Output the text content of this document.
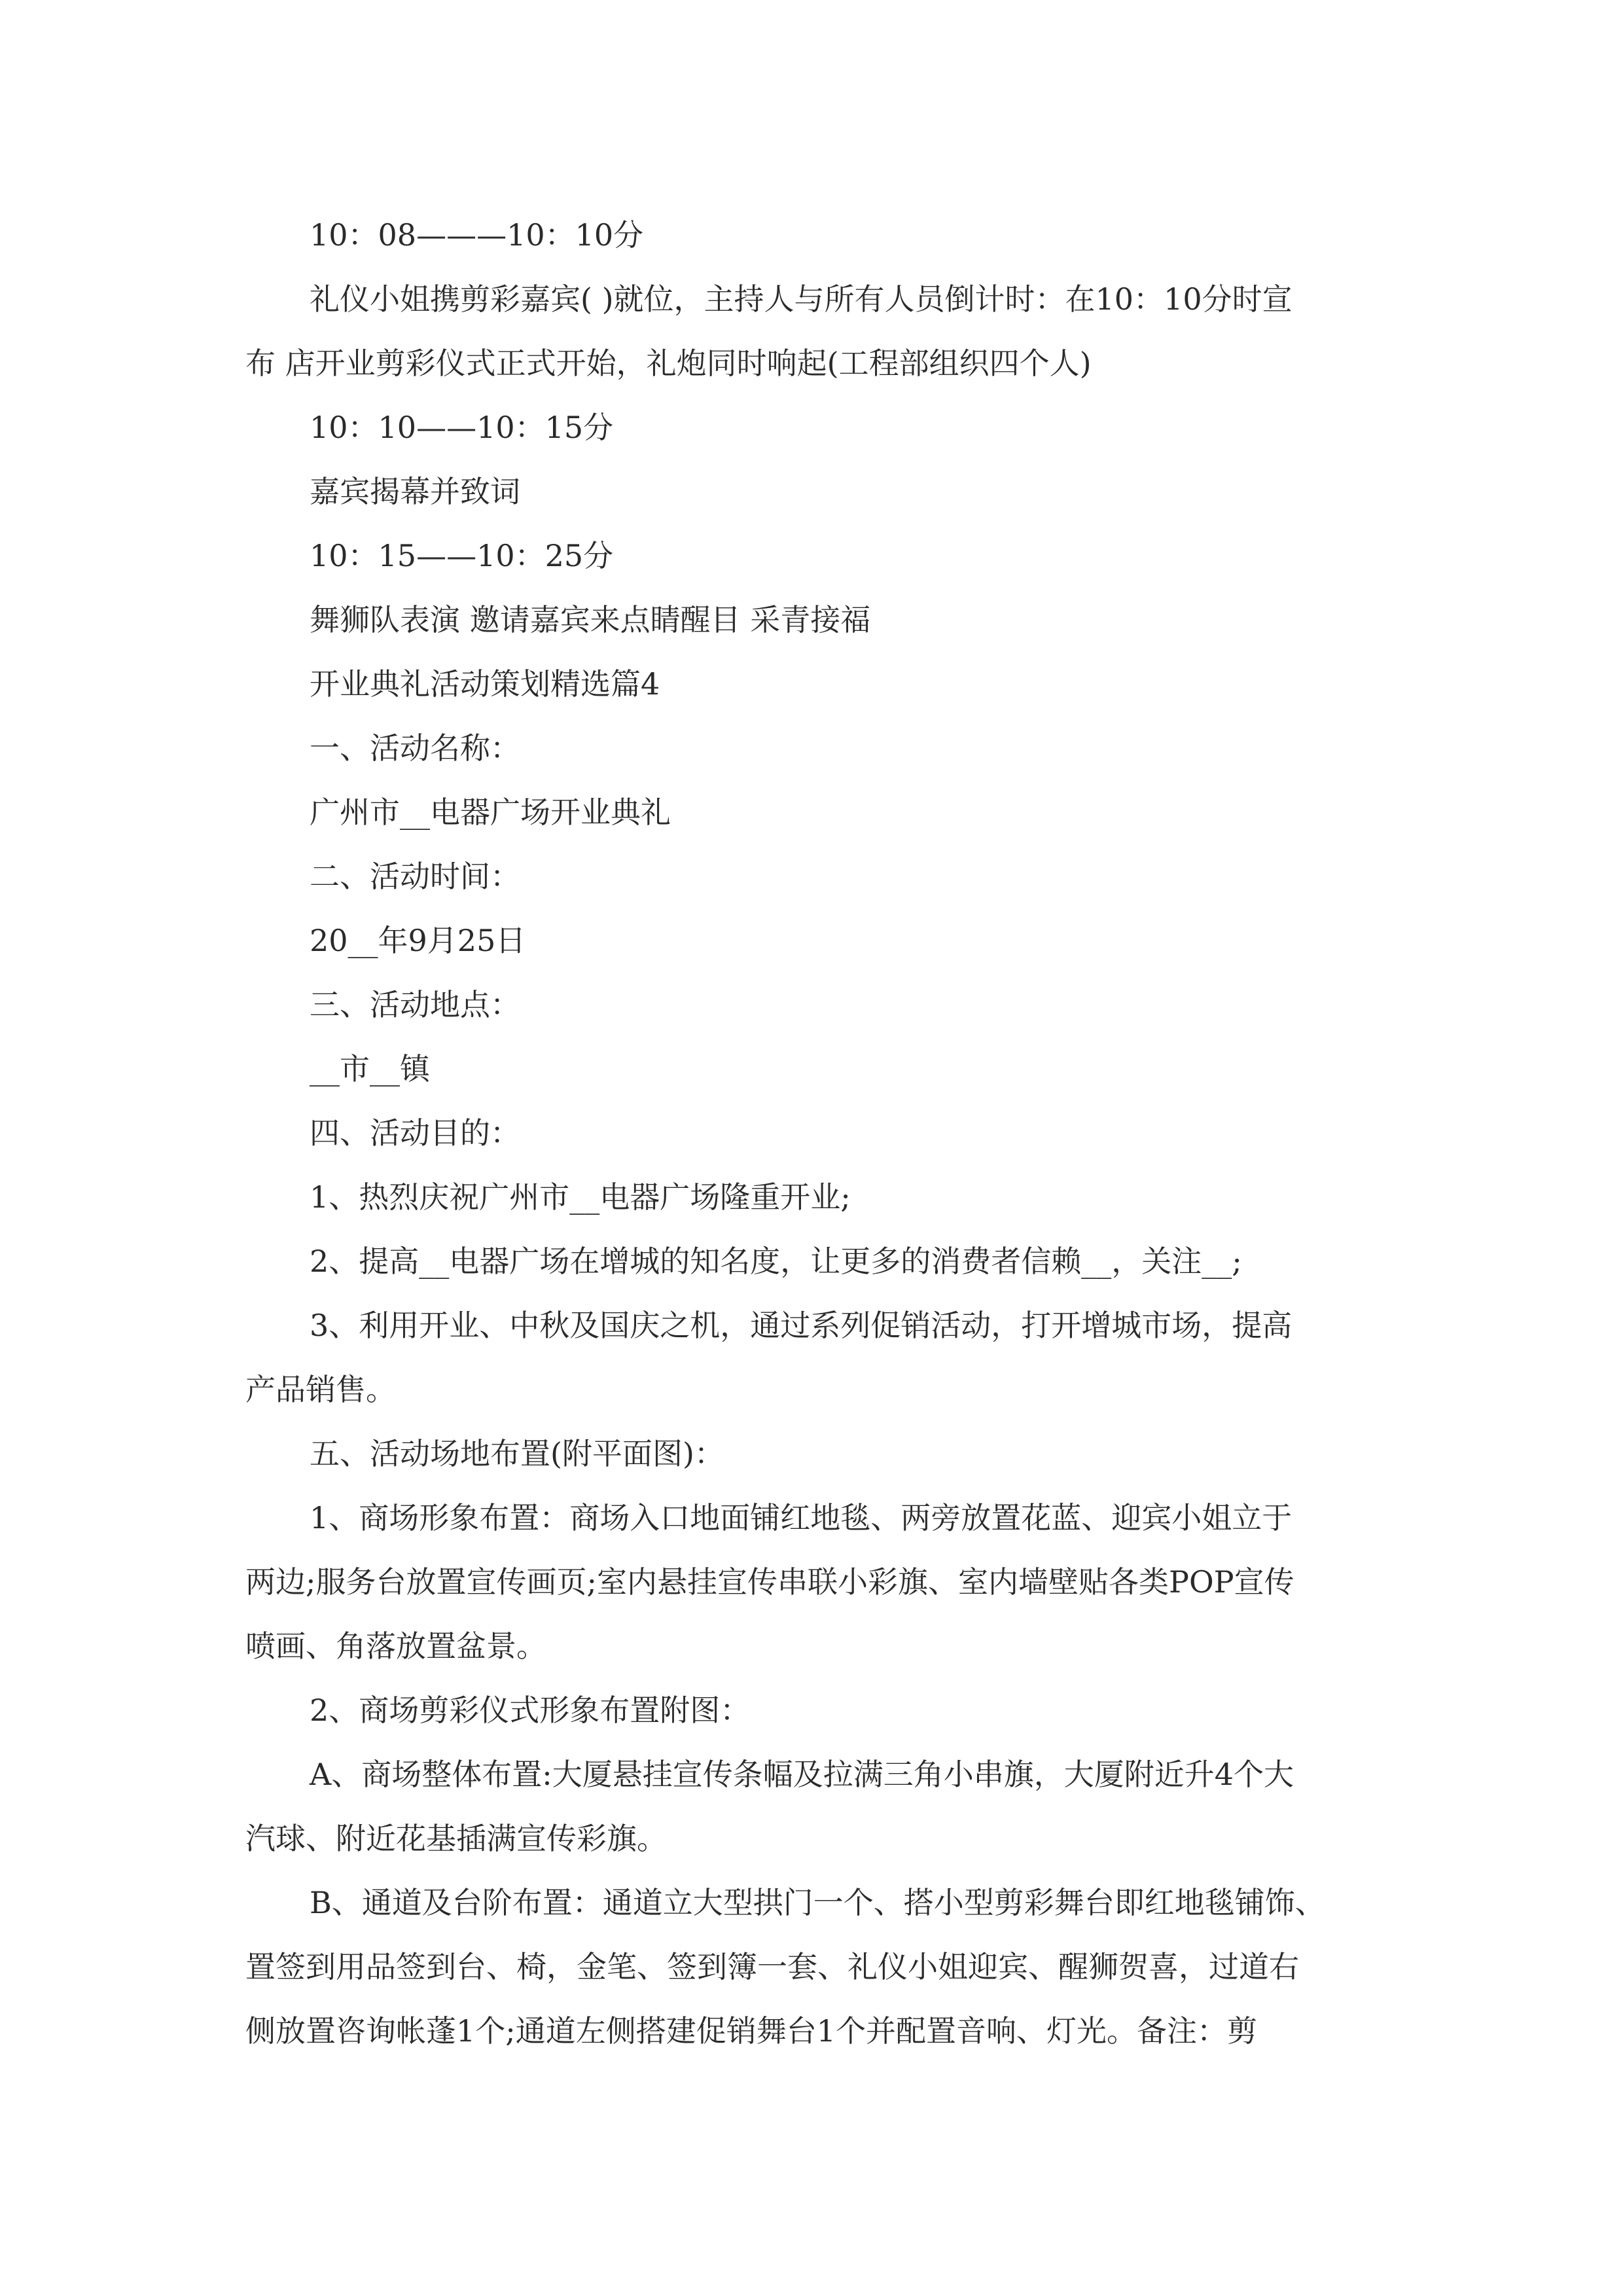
10：08———10：10分

礼仪小姐携剪彩嘉宾( )就位，主持人与所有人员倒计时：在10：10分时宣

布 店开业剪彩仪式正式开始，礼炮同时响起(工程部组织四个人)

10：10——10：15分

嘉宾揭幕并致词

10：15——10：25分

舞狮队表演 邀请嘉宾来点睛醒目 采青接福

开业典礼活动策划精选篇4

一、活动名称：

广州市__电器广场开业典礼

二、活动时间：

20__年9月25日

三、活动地点：

__市__镇

四、活动目的：

1、热烈庆祝广州市__电器广场隆重开业;

2、提高__电器广场在增城的知名度，让更多的消费者信赖__，关注__;

3、利用开业、中秋及国庆之机，通过系列促销活动，打开增城市场，提高

产品销售。

五、活动场地布置(附平面图)：

1、商场形象布置：商场入口地面铺红地毯、两旁放置花蓝、迎宾小姐立于

两边;服务台放置宣传画页;室内悬挂宣传串联小彩旗、室内墙壁贴各类POP宣传

喷画、角落放置盆景。

2、商场剪彩仪式形象布置附图：

A、商场整体布置:大厦悬挂宣传条幅及拉满三角小串旗，大厦附近升4个大

汽球、附近花基插满宣传彩旗。

B、通道及台阶布置：通道立大型拱门一个、搭小型剪彩舞台即红地毯铺饰、

置签到用品签到台、椅，金笔、签到簿一套、礼仪小姐迎宾、醒狮贺喜，过道右

侧放置咨询帐蓬1个;通道左侧搭建促销舞台1个并配置音响、灯光。备注：剪
